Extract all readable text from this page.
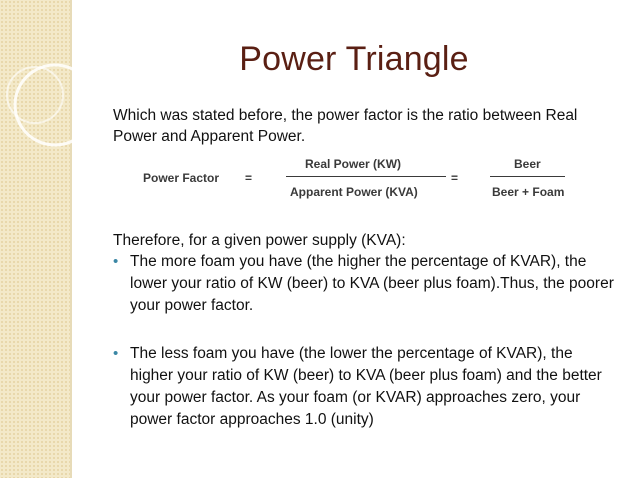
Power Triangle
Which was stated before, the power factor is the ratio between Real Power and Apparent Power.
Power Factor =
Real Power (KW)
Apparent Power (KVA)
=
Beer
Beer + Foam
Therefore, for a given power supply (KVA):
• The more foam you have (the higher the percentage of KVAR), the lower your ratio of KW (beer) to KVA (beer plus foam).Thus, the poorer your power factor.
• The less foam you have (the lower the percentage of KVAR), the higher your ratio of KW (beer) to KVA (beer plus foam) and the better your power factor. As your foam (or KVAR) approaches zero, your power factor approaches 1.0 (unity)
